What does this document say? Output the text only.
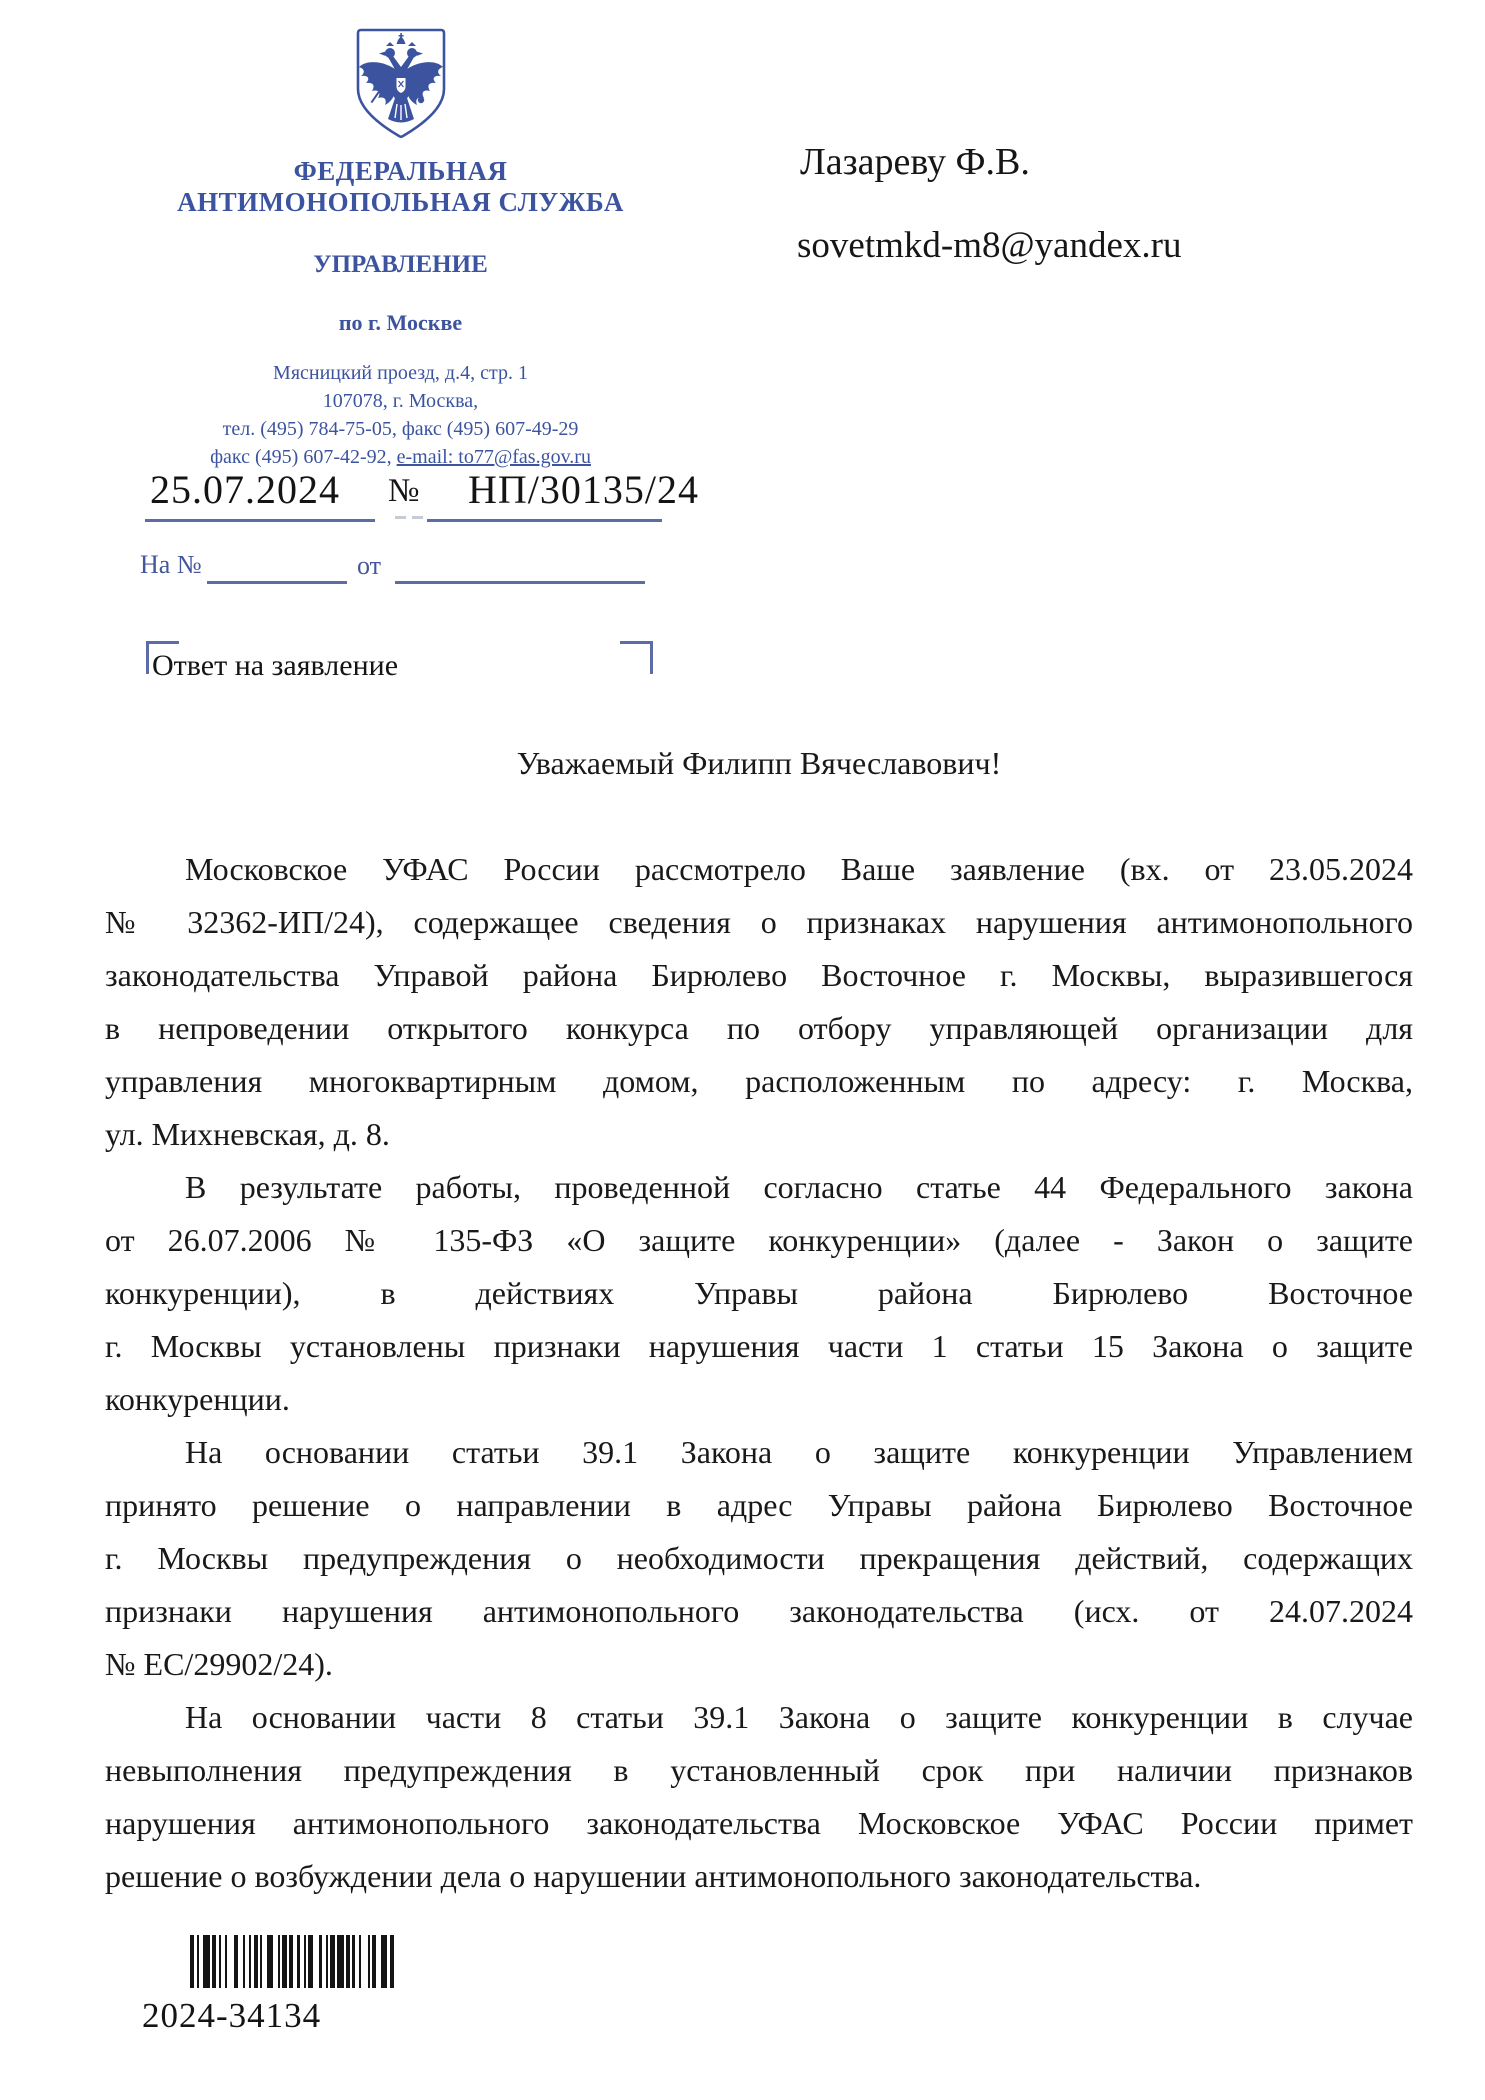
ФЕДЕРАЛЬНАЯ
АНТИМОНОПОЛЬНАЯ СЛУЖБА
УПРАВЛЕНИЕ
по г. Москве
Мясницкий проезд, д.4, стр. 1
107078, г. Москва,
тел. (495) 784-75-05, факс (495) 607-49-29
факс (495) 607-42-92, e-mail: to77@fas.gov.ru
Лазареву Ф.В.
sovetmkd-m8@yandex.ru
25.07.2024 № НП/30135/24
На №	от
Ответ на заявление
Уважаемый Филипп Вячеславович!
Московское УФАС России рассмотрело Ваше заявление (вх. от 23.05.2024
№ 32362-ИП/24), содержащее сведения о признаках нарушения антимонопольного
законодательства Управой района Бирюлево Восточное г. Москвы, выразившегося
в непроведении открытого конкурса по отбору управляющей организации для
управления многоквартирным домом, расположенным по адресу: г. Москва,
ул. Михневская, д. 8.
В результате работы, проведенной согласно статье 44 Федерального закона
от 26.07.2006 № 135-ФЗ «О защите конкуренции» (далее - Закон о защите
конкуренции), в действиях Управы района Бирюлево Восточное
г. Москвы установлены признаки нарушения части 1 статьи 15 Закона о защите
конкуренции.
На основании статьи 39.1 Закона о защите конкуренции Управлением
принято решение о направлении в адрес Управы района Бирюлево Восточное
г. Москвы предупреждения о необходимости прекращения действий, содержащих
признаки нарушения антимонопольного законодательства (исх. от 24.07.2024
№ ЕС/29902/24).
На основании части 8 статьи 39.1 Закона о защите конкуренции в случае
невыполнения предупреждения в установленный срок при наличии признаков
нарушения антимонопольного законодательства Московское УФАС России примет
решение о возбуждении дела о нарушении антимонопольного законодательства.
2024-34134
